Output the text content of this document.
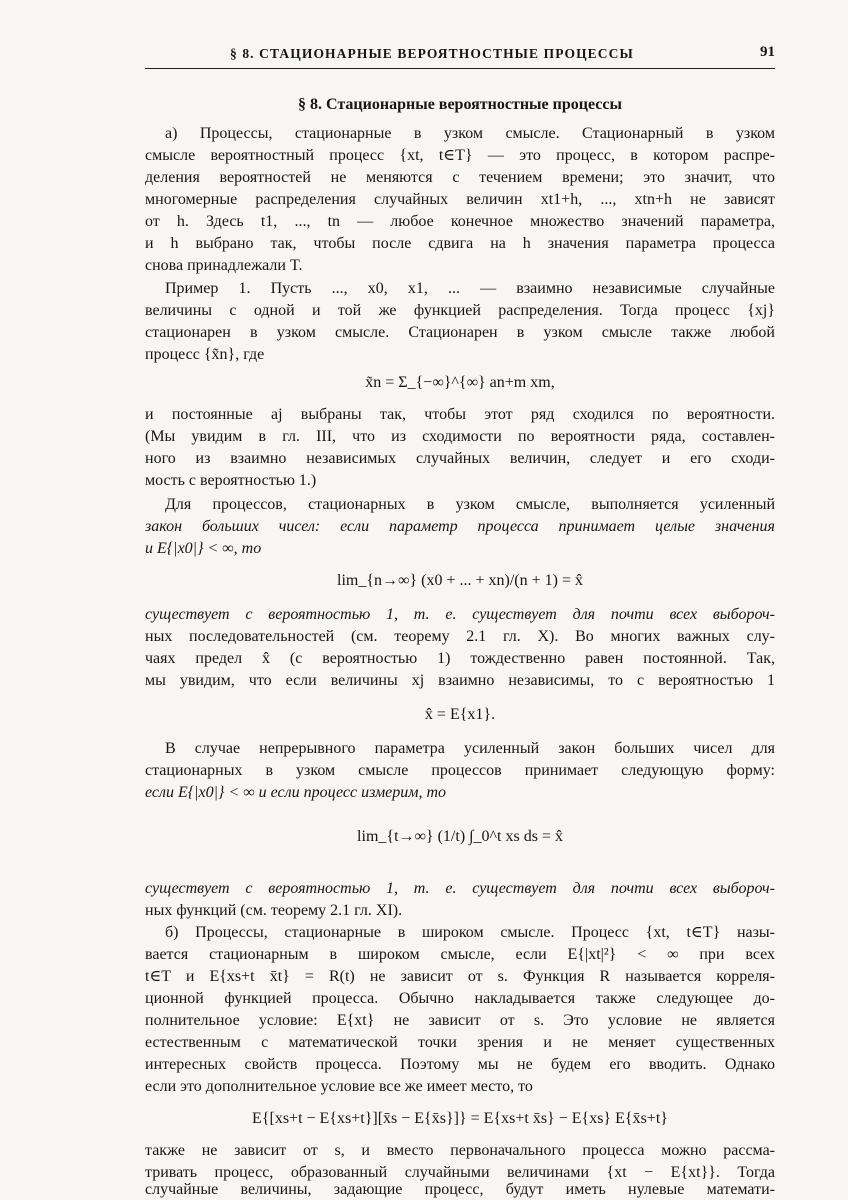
§ 8. СТАЦИОНАРНЫЕ ВЕРОЯТНОСТНЫЕ ПРОЦЕССЫ	91
§ 8. Стационарные вероятностные процессы
а) Процессы, стационарные в узком смысле. Стационарный в узком
смысле вероятностный процесс {xt, t∈T} — это процесс, в котором распре-
деления вероятностей не меняются с течением времени; это значит, что
многомерные распределения случайных величин xt1+h, ..., xtn+h не зависят
от h. Здесь t1, ..., tn — любое конечное множество значений параметра,
и h выбрано так, чтобы после сдвига на h значения параметра процесса
снова принадлежали T.
Пример 1. Пусть ..., x0, x1, ... — взаимно независимые случайные
величины с одной и той же функцией распределения. Тогда процесс {xj}
стационарен в узком смысле. Стационарен в узком смысле также любой
процесс {x̃n}, где
x̃n = Σ_{−∞}^{∞} an+m xm,
и постоянные aj выбраны так, чтобы этот ряд сходился по вероятности.
(Мы увидим в гл. III, что из сходимости по вероятности ряда, составлен-
ного из взаимно независимых случайных величин, следует и его сходи-
мость с вероятностью 1.)
Для процессов, стационарных в узком смысле, выполняется усиленный
закон больших чисел: если параметр процесса принимает целые значения
и E{|x0|} < ∞, то
lim_{n→∞} (x0 + ... + xn)/(n + 1) = x̂
существует с вероятностью 1, т. е. существует для почти всех выбороч-
ных последовательностей (см. теорему 2.1 гл. X). Во многих важных слу-
чаях предел x̂ (с вероятностью 1) тождественно равен постоянной. Так,
мы увидим, что если величины xj взаимно независимы, то с вероятностью 1
x̂ = E{x1}.
В случае непрерывного параметра усиленный закон больших чисел для
стационарных в узком смысле процессов принимает следующую форму:
если E{|x0|} < ∞ и если процесс измерим, то
lim_{t→∞} (1/t) ∫_0^t xs ds = x̂
существует с вероятностью 1, т. е. существует для почти всех выбороч-
ных функций (см. теорему 2.1 гл. XI).
б) Процессы, стационарные в широком смысле. Процесс {xt, t∈T} назы-
вается стационарным в широком смысле, если E{|xt|²} < ∞ при всех
t∈T и E{xs+t x̄t} = R(t) не зависит от s. Функция R называется корреля-
ционной функцией процесса. Обычно накладывается также следующее до-
полнительное условие: E{xt} не зависит от s. Это условие не является
естественным с математической точки зрения и не меняет существенных
интересных свойств процесса. Поэтому мы не будем его вводить. Однако
если это дополнительное условие все же имеет место, то
E{[xs+t − E{xs+t}][x̄s − E{x̄s}]} = E{xs+t x̄s} − E{xs} E{x̄s+t}
также не зависит от s, и вместо первоначального процесса можно рассма-
тривать процесс, образованный случайными величинами {xt − E{xt}}. Тогда
случайные величины, задающие процесс, будут иметь нулевые математи-
